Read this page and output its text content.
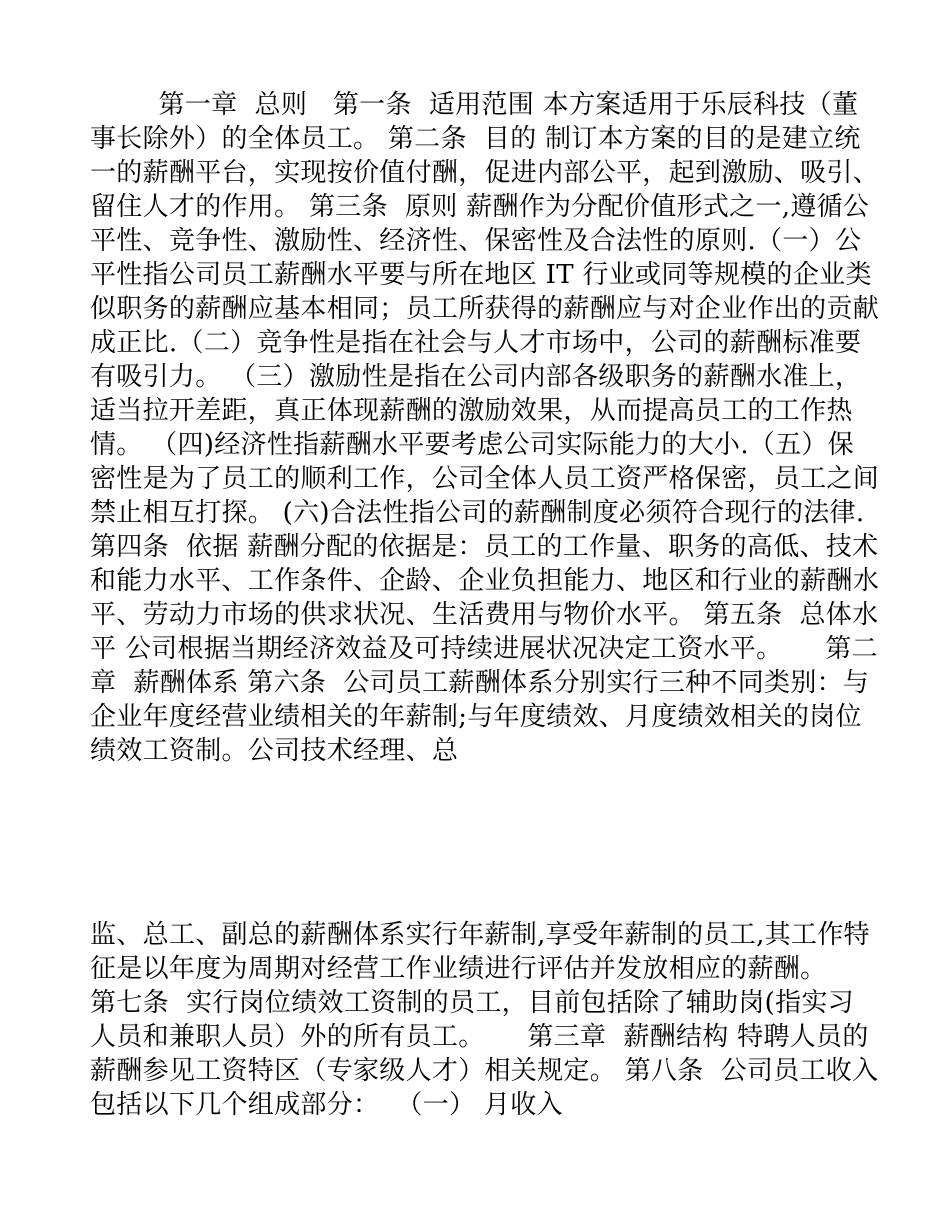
第一章  总则   第一条  适用范围 本方案适用于乐辰科技（董事长除外）的全体员工。 第二条  目的 制订本方案的目的是建立统一的薪酬平台，实现按价值付酬，促进内部公平，起到激励、吸引、留住人才的作用。 第三条  原则 薪酬作为分配价值形式之一,遵循公平性、竞争性、激励性、经济性、保密性及合法性的原则.（一）公平性指公司员工薪酬水平要与所在地区 IT 行业或同等规模的企业类似职务的薪酬应基本相同；员工所获得的薪酬应与对企业作出的贡献成正比.（二）竞争性是指在社会与人才市场中，公司的薪酬标准要有吸引力。 （三）激励性是指在公司内部各级职务的薪酬水准上，适当拉开差距，真正体现薪酬的激励效果，从而提高员工的工作热情。 （四)经济性指薪酬水平要考虑公司实际能力的大小.（五）保密性是为了员工的顺利工作，公司全体人员工资严格保密，员工之间禁止相互打探。 (六)合法性指公司的薪酬制度必须符合现行的法律.第四条  依据 薪酬分配的依据是：员工的工作量、职务的高低、技术和能力水平、工作条件、企龄、企业负担能力、地区和行业的薪酬水平、劳动力市场的供求状况、生活费用与物价水平。 第五条  总体水平 公司根据当期经济效益及可持续进展状况决定工资水平。     第二章  薪酬体系 第六条  公司员工薪酬体系分别实行三种不同类别：与企业年度经营业绩相关的年薪制;与年度绩效、月度绩效相关的岗位绩效工资制。公司技术经理、总

监、总工、副总的薪酬体系实行年薪制,享受年薪制的员工,其工作特征是以年度为周期对经营工作业绩进行评估并发放相应的薪酬。     第七条  实行岗位绩效工资制的员工，目前包括除了辅助岗(指实习人员和兼职人员）外的所有员工。     第三章  薪酬结构 特聘人员的薪酬参见工资特区（专家级人才）相关规定。 第八条  公司员工收入包括以下几个组成部分：  （一） 月收入
